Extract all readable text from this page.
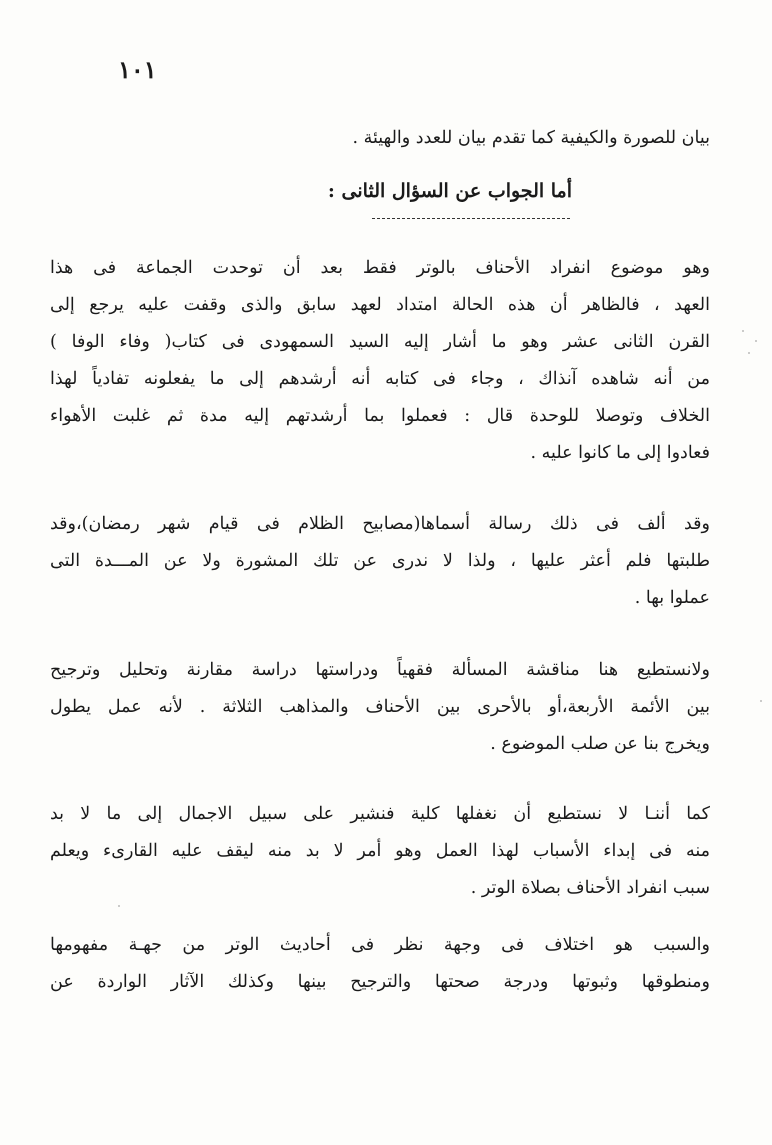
١٠١
بيان للصورة والكيفية كما تقدم بيان للعدد والهيئة .
أما الجواب عن السؤال الثانى :
وهو موضوع انفراد الأحناف بالوتر فقط بعد أن توحدت الجماعة فى هذا
العهد ، فالظاهر أن هذه الحالة امتداد لعهد سابق والذى وقفت عليه يرجع إلى
القرن الثانى عشر وهو ما أشار إليه السيد السمهودى فى كتاب( وفاء الوفا )
من أنه شاهده آنذاك ، وجاء فى كتابه أنه أرشدهم إلى ما يفعلونه تفادياً لهذا
الخلاف وتوصلا للوحدة قال : فعملوا بما أرشدتهم إليه مدة ثم غلبت الأهواء
فعادوا إلى ما كانوا عليه .
وقد ألف فى ذلك رسالة أسماها(مصابيح الظلام فى قيام شهر رمضان)،وقد
طلبتها فلم أعثر عليها ، ولذا لا ندرى عن تلك المشورة ولا عن المـــدة التى
عملوا بها .
ولانستطيع هنا مناقشة المسألة فقهياً ودراستها دراسة مقارنة وتحليل وترجيح
بين الأئمة الأربعة،أو بالأحرى بين الأحناف والمذاهب الثلاثة . لأنه عمل يطول
ويخرج بنا عن صلب الموضوع .
كما أننـا لا نستطيع أن نغفلها كلية فنشير على سبيل الاجمال إلى ما لا بد
منه فى إبداء الأسباب لهذا العمل وهو أمر لا بد منه ليقف عليه القارىء ويعلم
سبب انفراد الأحناف بصلاة الوتر .
والسبب هو اختلاف فى وجهة نظر فى أحاديث الوتر من جهـة مفهومها
ومنطوقها وثبوتها ودرجة صحتها والترجيح بينها وكذلك الآثار الواردة عن
